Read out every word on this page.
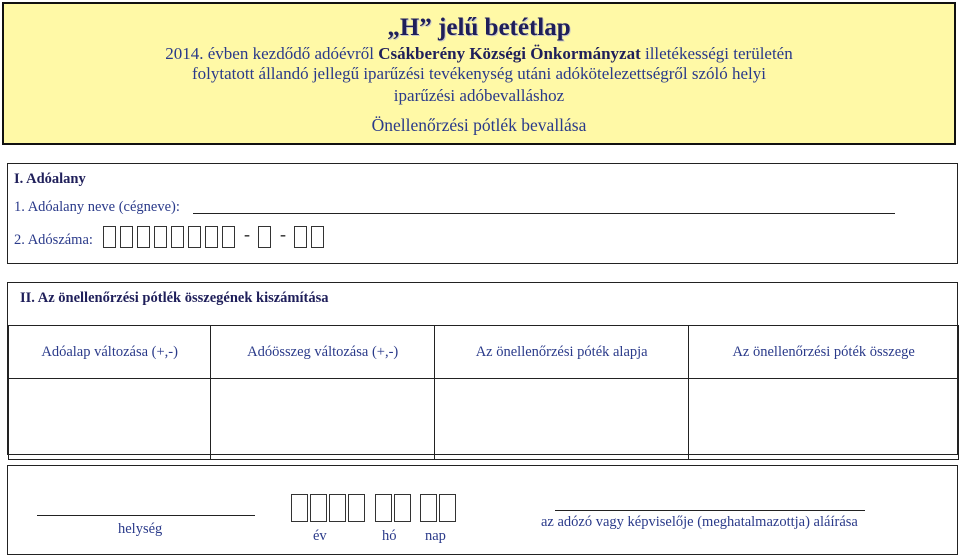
„H” jelű betétlap
2014. évben kezdődő adóévről Csákberény Községi Önkormányzat illetékességi területén
folytatott állandó jellegű iparűzési tevékenység utáni adókötelezettségről szóló helyi
iparűzési adóbevalláshoz
Önellenőrzési pótlék bevallása
I. Adóalany
1. Adóalany neve (cégneve):
2. Adószáma:	- -
II. Az önellenőrzési pótlék összegének kiszámítása
Adóalap változása (+,-)	Adóösszeg változása (+,-)	Az önellenőrzési póték alapja	Az önellenőrzési póték összege

helység	év	hó nap
az adózó vagy képviselője (meghatalmazottja) aláírása
